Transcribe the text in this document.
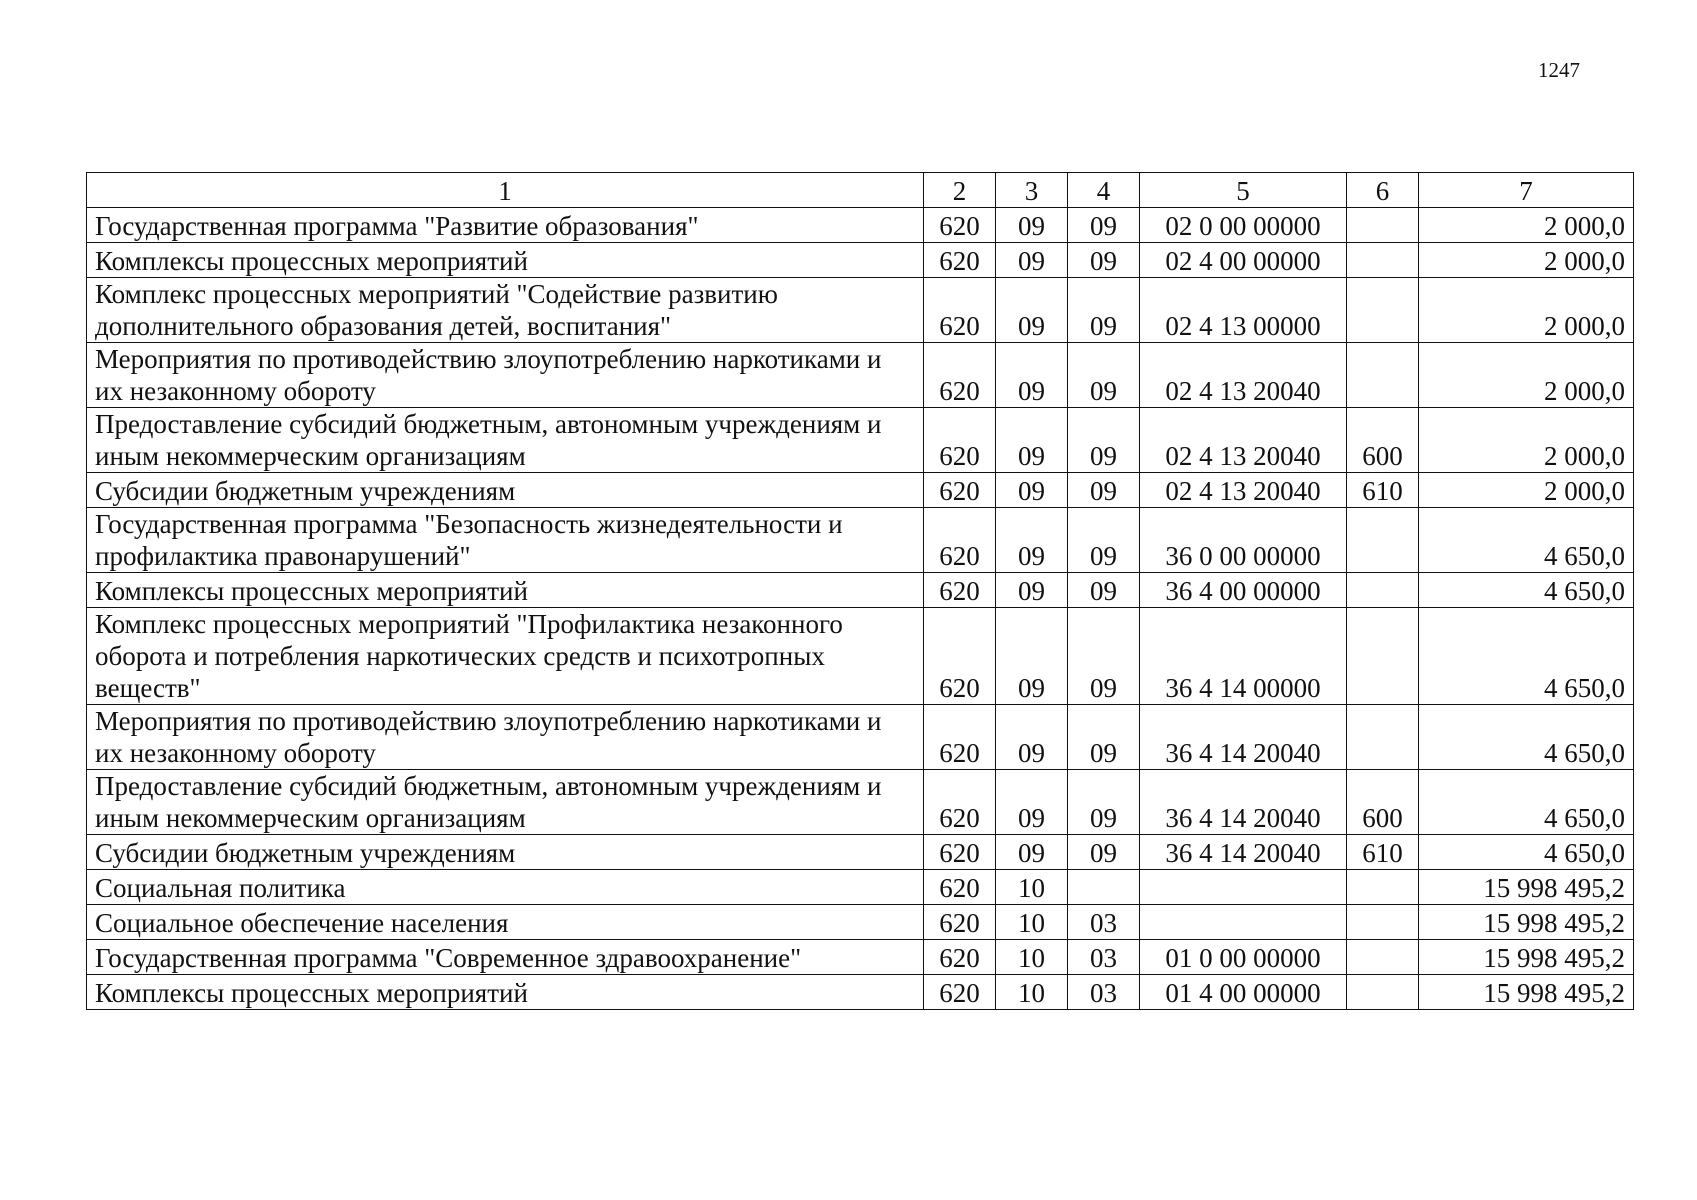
1247
1	2	3	4	5	6	7
Государственная программа "Развитие образования"	620	09	09	02 0 00 00000		2 000,0
Комплексы процессных мероприятий	620	09	09	02 4 00 00000		2 000,0
Комплекс процессных мероприятий "Содействие развитию дополнительного образования детей, воспитания"	620	09	09	02 4 13 00000		2 000,0
Мероприятия по противодействию злоупотреблению наркотиками и их незаконному обороту	620	09	09	02 4 13 20040		2 000,0
Предоставление субсидий бюджетным, автономным учреждениям и иным некоммерческим организациям	620	09	09	02 4 13 20040	600	2 000,0
Субсидии бюджетным учреждениям	620	09	09	02 4 13 20040	610	2 000,0
Государственная программа "Безопасность жизнедеятельности и профилактика правонарушений"	620	09	09	36 0 00 00000		4 650,0
Комплексы процессных мероприятий	620	09	09	36 4 00 00000		4 650,0
Комплекс процессных мероприятий "Профилактика незаконного оборота и потребления наркотических средств и психотропных веществ"	620	09	09	36 4 14 00000		4 650,0
Мероприятия по противодействию злоупотреблению наркотиками и их незаконному обороту	620	09	09	36 4 14 20040		4 650,0
Предоставление субсидий бюджетным, автономным учреждениям и иным некоммерческим организациям	620	09	09	36 4 14 20040	600	4 650,0
Субсидии бюджетным учреждениям	620	09	09	36 4 14 20040	610	4 650,0
Социальная политика	620	10				15 998 495,2
Социальное обеспечение населения	620	10	03			15 998 495,2
Государственная программа "Современное здравоохранение"	620	10	03	01 0 00 00000		15 998 495,2
Комплексы процессных мероприятий	620	10	03	01 4 00 00000		15 998 495,2
